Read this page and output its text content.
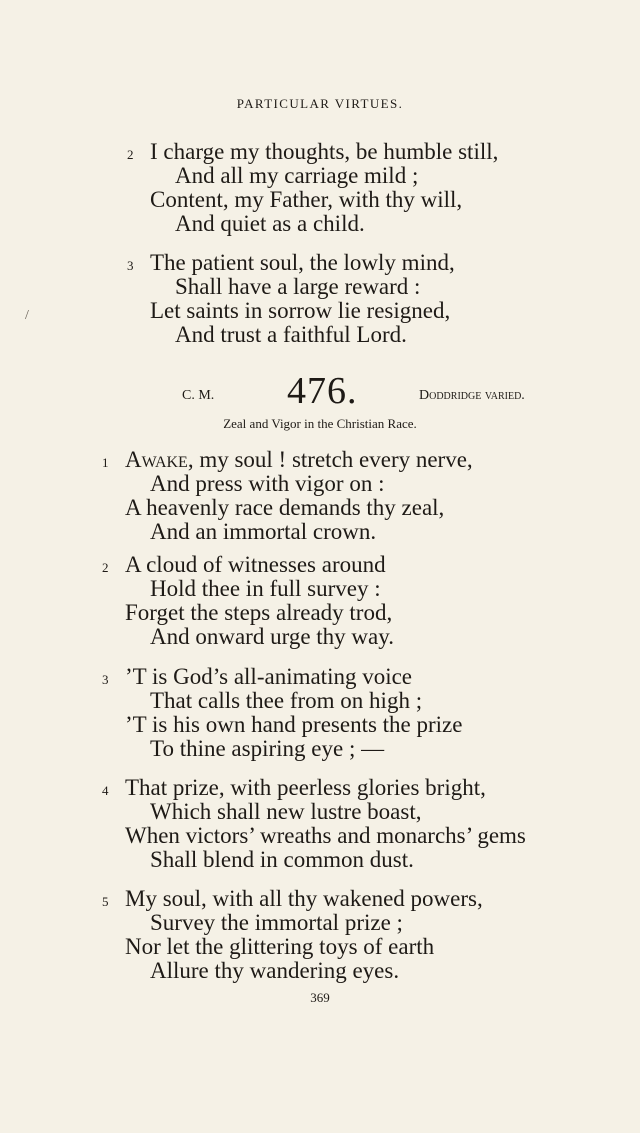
PARTICULAR VIRTUES.
/
2 I charge my thoughts, be humble still,
And all my carriage mild ;
Content, my Father, with thy will,
And quiet as a child.
3 The patient soul, the lowly mind,
Shall have a large reward :
Let saints in sorrow lie resigned,
And trust a faithful Lord.
C. M. 476.	Doddridge varied.
Zeal and Vigor in the Christian Race.
1 Awake, my soul ! stretch every nerve,
And press with vigor on :
A heavenly race demands thy zeal,
And an immortal crown.
2 A cloud of witnesses around
Hold thee in full survey :
Forget the steps already trod,
And onward urge thy way.
3 ’T is God’s all-animating voice
That calls thee from on high ;
’T is his own hand presents the prize
To thine aspiring eye ; —
4 That prize, with peerless glories bright,
Which shall new lustre boast,
When victors’ wreaths and monarchs’ gems
Shall blend in common dust.
5 My soul, with all thy wakened powers,
Survey the immortal prize ;
Nor let the glittering toys of earth
Allure thy wandering eyes.
369
